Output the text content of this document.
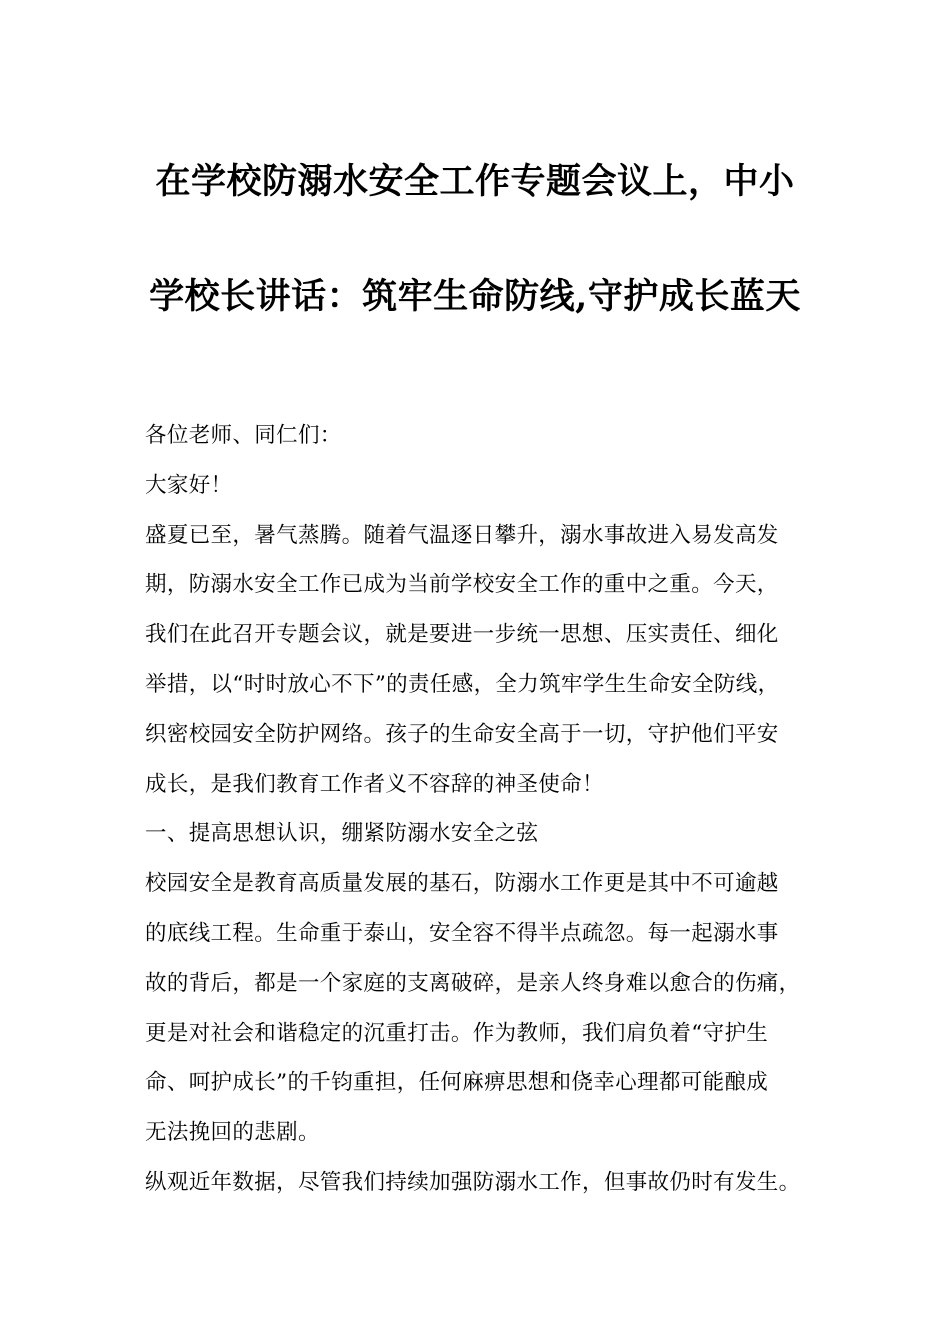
在学校防溺水安全工作专题会议上，中小
学校长讲话：筑牢生命防线,守护成长蓝天
各位老师、同仁们：
大家好！
盛夏已至，暑气蒸腾。随着气温逐日攀升，溺水事故进入易发高发
期，防溺水安全工作已成为当前学校安全工作的重中之重。今天，
我们在此召开专题会议，就是要进一步统一思想、压实责任、细化
举措，以“时时放心不下”的责任感，全力筑牢学生生命安全防线，
织密校园安全防护网络。孩子的生命安全高于一切，守护他们平安
成长，是我们教育工作者义不容辞的神圣使命！
一、提高思想认识，绷紧防溺水安全之弦
校园安全是教育高质量发展的基石，防溺水工作更是其中不可逾越
的底线工程。生命重于泰山，安全容不得半点疏忽。每一起溺水事
故的背后，都是一个家庭的支离破碎，是亲人终身难以愈合的伤痛，
更是对社会和谐稳定的沉重打击。作为教师，我们肩负着“守护生
命、呵护成长”的千钧重担，任何麻痹思想和侥幸心理都可能酿成
无法挽回的悲剧。
纵观近年数据，尽管我们持续加强防溺水工作，但事故仍时有发生。
